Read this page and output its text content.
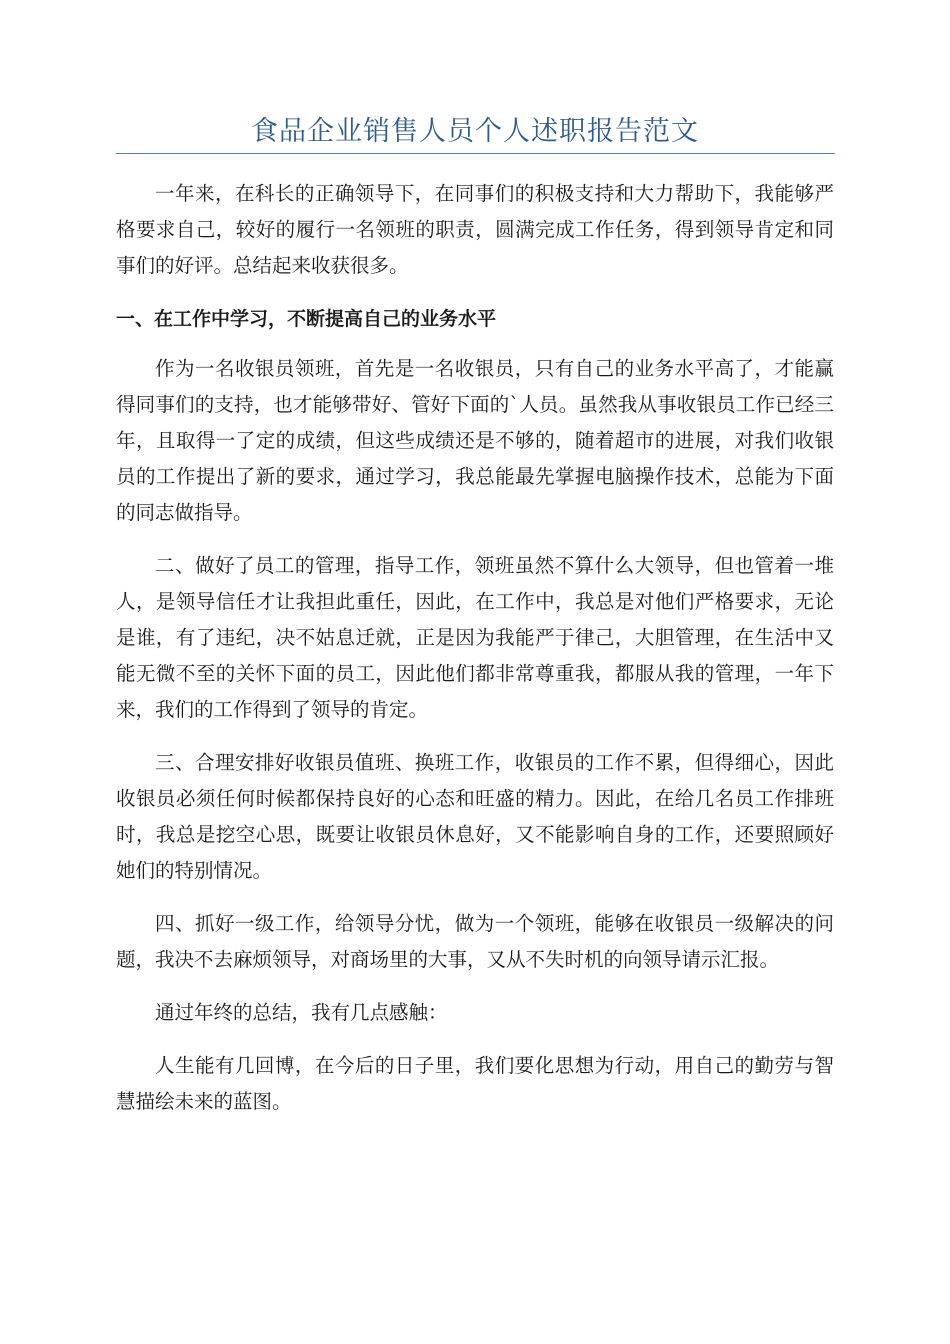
食品企业销售人员个人述职报告范文

一年来，在科长的正确领导下，在同事们的积极支持和大力帮助下，我能够严格要求自己，较好的履行一名领班的职责，圆满完成工作任务，得到领导肯定和同事们的好评。总结起来收获很多。

一、在工作中学习，不断提高自己的业务水平

作为一名收银员领班，首先是一名收银员，只有自己的业务水平高了，才能赢得同事们的支持，也才能够带好、管好下面的`人员。虽然我从事收银员工作已经三年，且取得一了定的成绩，但这些成绩还是不够的，随着超市的进展，对我们收银员的工作提出了新的要求，通过学习，我总能最先掌握电脑操作技术，总能为下面的同志做指导。

二、做好了员工的管理，指导工作，领班虽然不算什么大领导，但也管着一堆人，是领导信任才让我担此重任，因此，在工作中，我总是对他们严格要求，无论是谁，有了违纪，决不姑息迁就，正是因为我能严于律己，大胆管理，在生活中又能无微不至的关怀下面的员工，因此他们都非常尊重我，都服从我的管理，一年下来，我们的工作得到了领导的肯定。

三、合理安排好收银员值班、换班工作，收银员的工作不累，但得细心，因此收银员必须任何时候都保持良好的心态和旺盛的精力。因此，在给几名员工作排班时，我总是挖空心思，既要让收银员休息好，又不能影响自身的工作，还要照顾好她们的特别情况。

四、抓好一级工作，给领导分忧，做为一个领班，能够在收银员一级解决的问题，我决不去麻烦领导，对商场里的大事，又从不失时机的向领导请示汇报。

通过年终的总结，我有几点感触：

人生能有几回博，在今后的日子里，我们要化思想为行动，用自己的勤劳与智慧描绘未来的蓝图。
